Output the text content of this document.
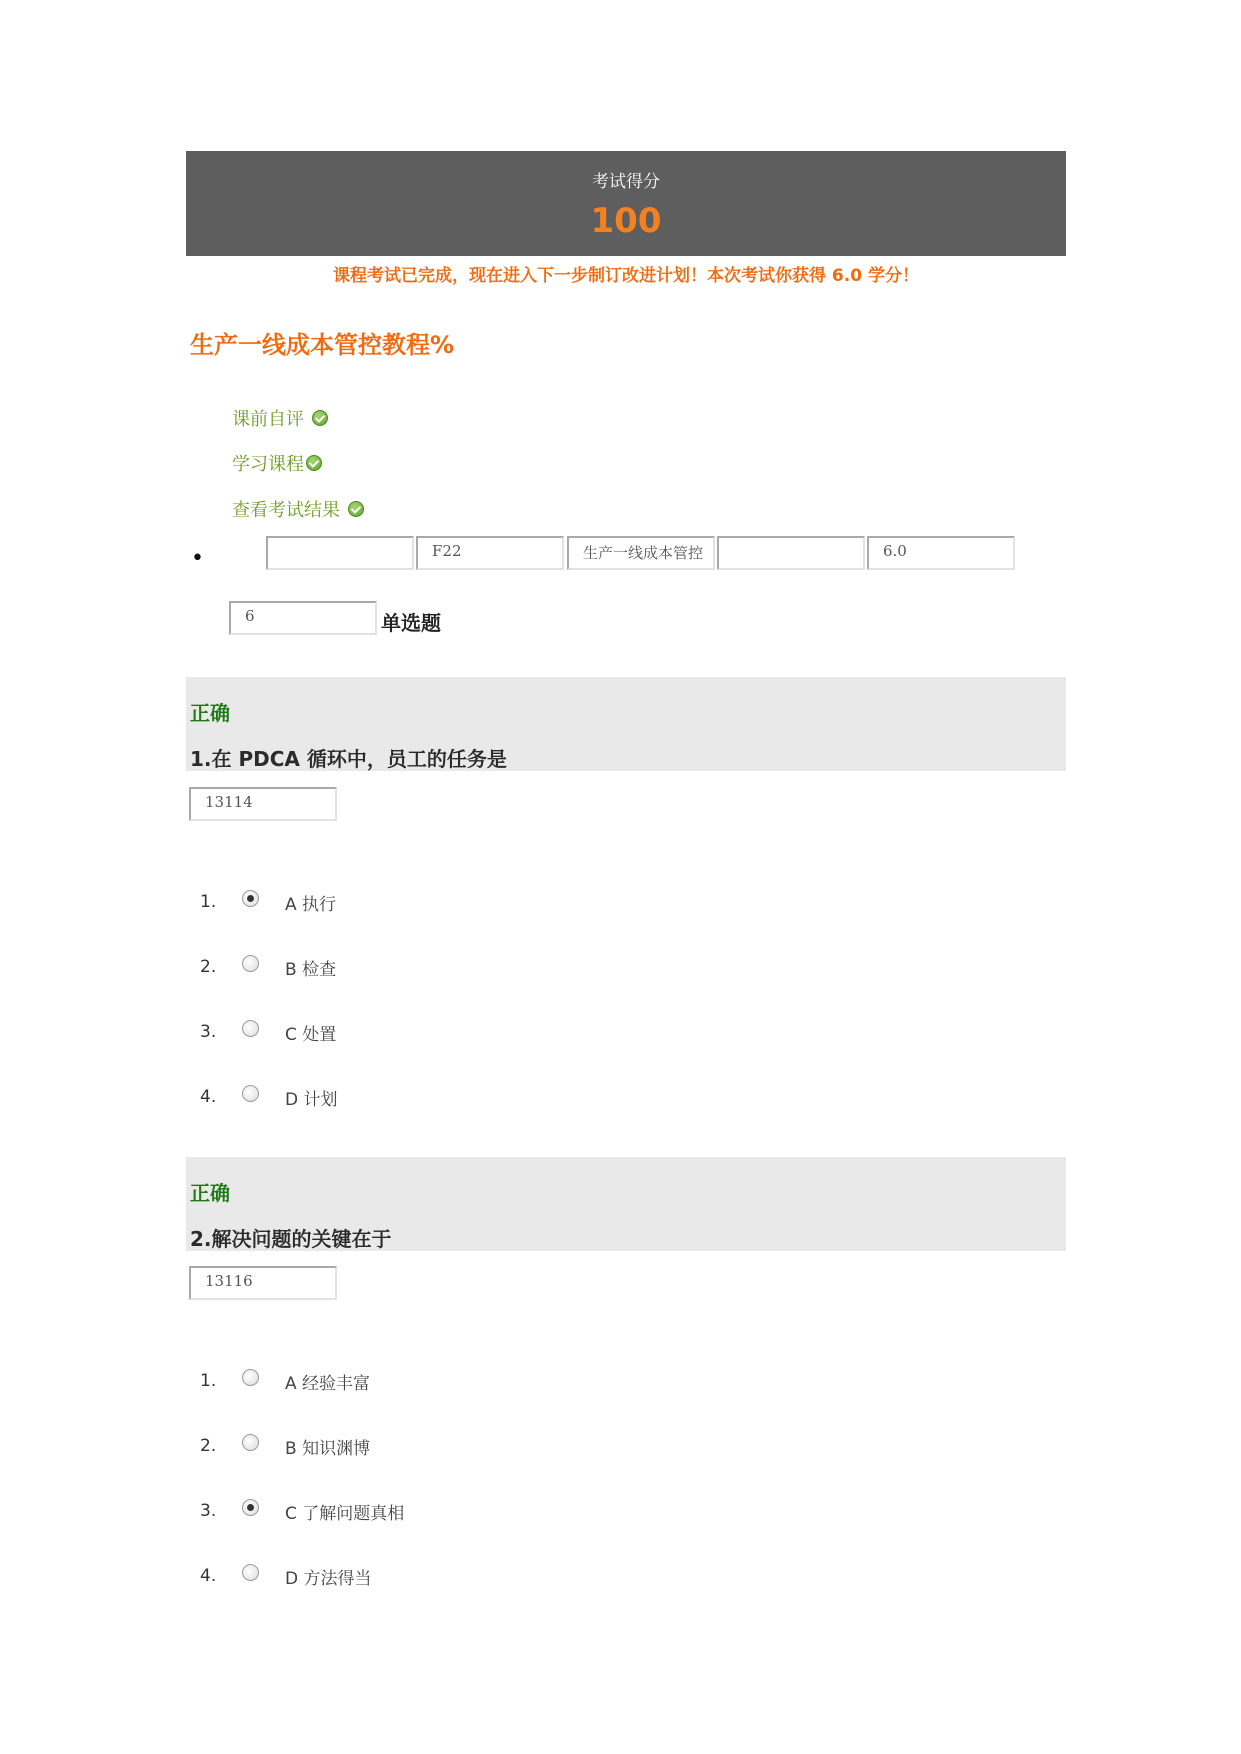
考试得分
100
课程考试已完成，现在进入下一步制订改进计划！本次考试你获得 6.0 学分！
生产一线成本管控教程%
课前自评
学习课程
查看考试结果
•	F22	生产一线成本管控	6.0
6	单选题
正确
1.在 PDCA 循环中，员工的任务是
13114
1.	A 执行
2.	B 检查
3.	C 处置
4.	D 计划
正确
2.解决问题的关键在于
13116
1.	A 经验丰富
2.	B 知识渊博
3.	C 了解问题真相
4.	D 方法得当
